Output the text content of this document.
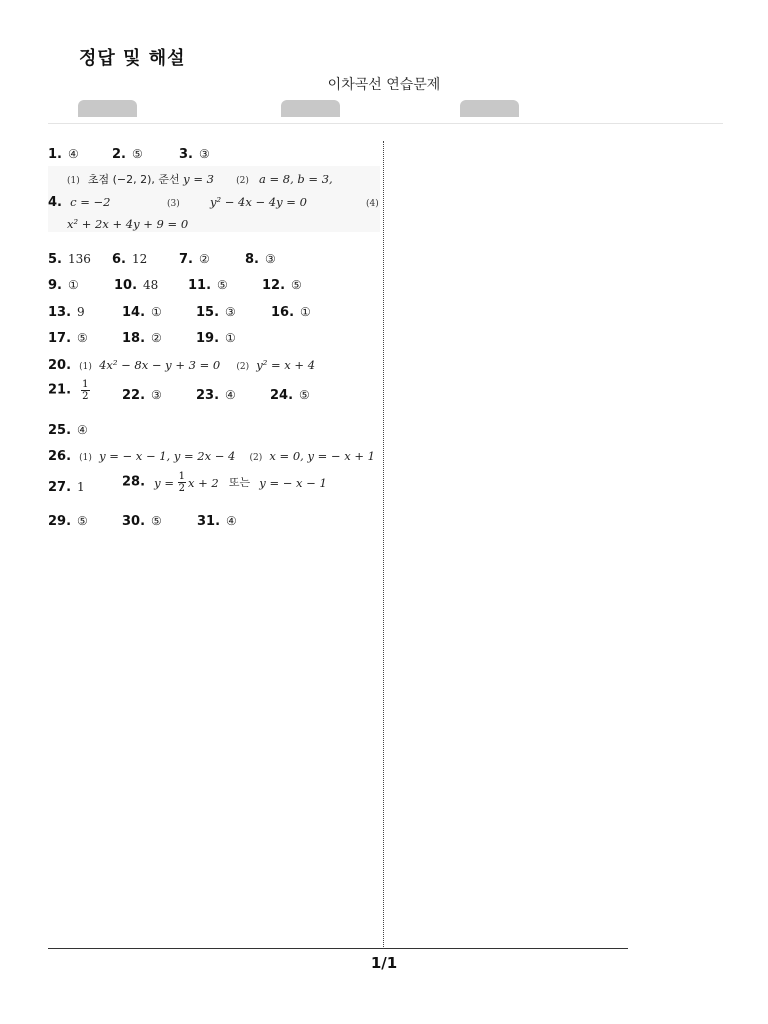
정답 및 해설
이차곡선 연습문제
1. ④	2. ⑤	3. ③
(1) 초점 (−2, 2), 준선 y = 3 (2) a = 8, b = 3,
4. c = −2	(3)	y² − 4x − 4y = 0	(4)
x² + 2x + 4y + 9 = 0
5. 136 6. 12 7. ②	8. ③
9. ①	10. 48 11. ⑤	12. ⑤
13. 9	14. ①	15. ③	16. ①
17. ⑤	18. ②	19. ①
20. (1) 4x² − 8x − y + 3 = 0 (2) y² = x + 4
21. $\frac{1}{2} 22$. ③	23. ④	24. ⑤
25. ④
26. (1) y = − x − 1, y = 2x − 4 (2) x = 0, y = − x + 1
27. 1	28. $y = \frac{1}{2}$ x + 2 또는 y = − x − 1
29. ⑤	30. ⑤	31. ④
1/1
